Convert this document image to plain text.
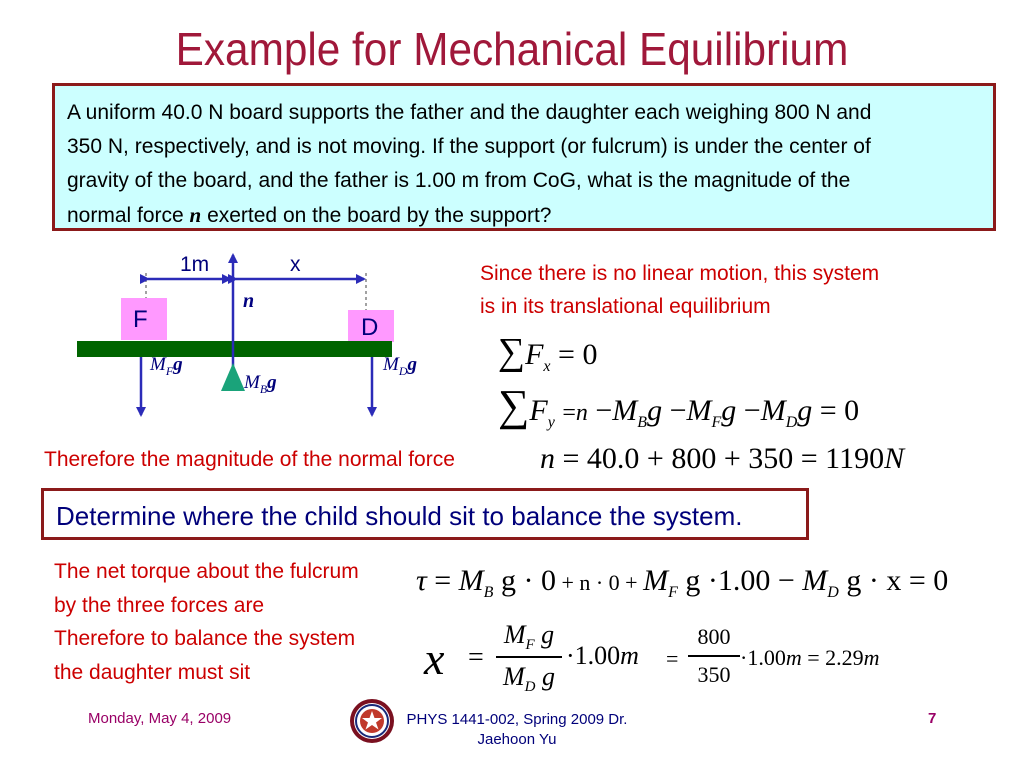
Example for Mechanical Equilibrium
A uniform 40.0 N board supports the father and the daughter each weighing 800 N and
350 N, respectively, and is not moving. If the support (or fulcrum) is under the center of
gravity of the board, and the father is 1.00 m from CoG, what is the magnitude of the
normal force n exerted on the board by the support?
1m	x
n
F	D
$M_Fg$
$M_Bg$
$M_Dg$
Since there is no linear motion, this system
is in its translational equilibrium
$\sum F_x = 0$
$\sum F_y =n -M_Bg -M_Fg -M_Dg = 0$
Therefore the magnitude of the normal force	n = 40.0 + 800 + 350 = 1190N
Determine where the child should sit to balance the system.
The net torque about the fulcrum
by the three forces are
Therefore to balance the system
the daughter must sit
$\tau = M_B$ $g \cdot 0 + n \cdot 0 + M_F$ $g \cdot 1.00 - M_D$ g · x = 0
x =
$M_F$ g
$M_D$ g
·1.00m =
800
350
·1.00m = 2.29m
Monday, May 4, 2009	PHYS 1441-002, Spring 2009 Dr.
Jaehoon Yu
7
